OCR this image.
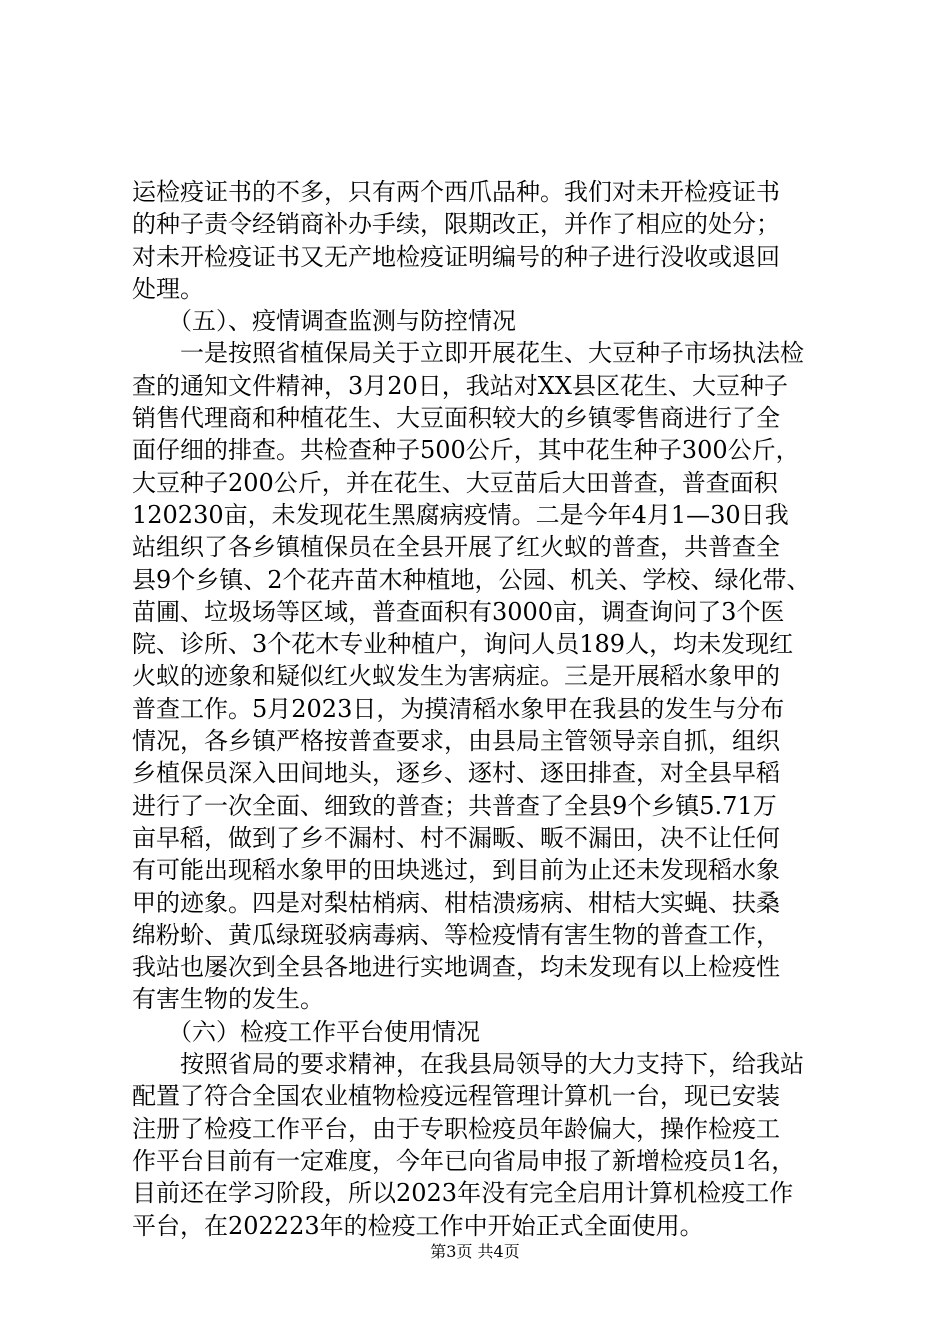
运检疫证书的不多，只有两个西爪品种。我们对未开检疫证书
的种子责令经销商补办手续，限期改正，并作了相应的处分；
对未开检疫证书又无产地检疫证明编号的种子进行没收或退回
处理。
　　（五）、疫情调查监测与防控情况
　　一是按照省植保局关于立即开展花生、大豆种子市场执法检
查的通知文件精神，3月20日，我站对XX县区花生、大豆种子
销售代理商和种植花生、大豆面积较大的乡镇零售商进行了全
面仔细的排查。共检查种子500公斤，其中花生种子300公斤，
大豆种子200公斤，并在花生、大豆苗后大田普查，普查面积
120230亩，未发现花生黑腐病疫情。二是今年4月1—30日我
站组织了各乡镇植保员在全县开展了红火蚁的普查，共普查全
县9个乡镇、2个花卉苗木种植地，公园、机关、学校、绿化带、
苗圃、垃圾场等区域，普查面积有3000亩，调查询问了3个医
院、诊所、3个花木专业种植户，询问人员189人，均未发现红
火蚁的迹象和疑似红火蚁发生为害病症。三是开展稻水象甲的
普查工作。5月2023日，为摸清稻水象甲在我县的发生与分布
情况，各乡镇严格按普查要求，由县局主管领导亲自抓，组织
乡植保员深入田间地头，逐乡、逐村、逐田排查，对全县早稻
进行了一次全面、细致的普查；共普查了全县9个乡镇5.71万
亩早稻，做到了乡不漏村、村不漏畈、畈不漏田，决不让任何
有可能出现稻水象甲的田块逃过，到目前为止还未发现稻水象
甲的迹象。四是对梨枯梢病、柑桔溃疡病、柑桔大实蝇、扶桑
绵粉蚧、黄瓜绿斑驳病毒病、等检疫情有害生物的普查工作，
我站也屡次到全县各地进行实地调查，均未发现有以上检疫性
有害生物的发生。
　　（六）检疫工作平台使用情况
　　按照省局的要求精神，在我县局领导的大力支持下，给我站
配置了符合全国农业植物检疫远程管理计算机一台，现已安装
注册了检疫工作平台，由于专职检疫员年龄偏大，操作检疫工
作平台目前有一定难度，今年已向省局申报了新增检疫员1名，
目前还在学习阶段，所以2023年没有完全启用计算机检疫工作
平台，在202223年的检疫工作中开始正式全面使用。
第3页 共4页
